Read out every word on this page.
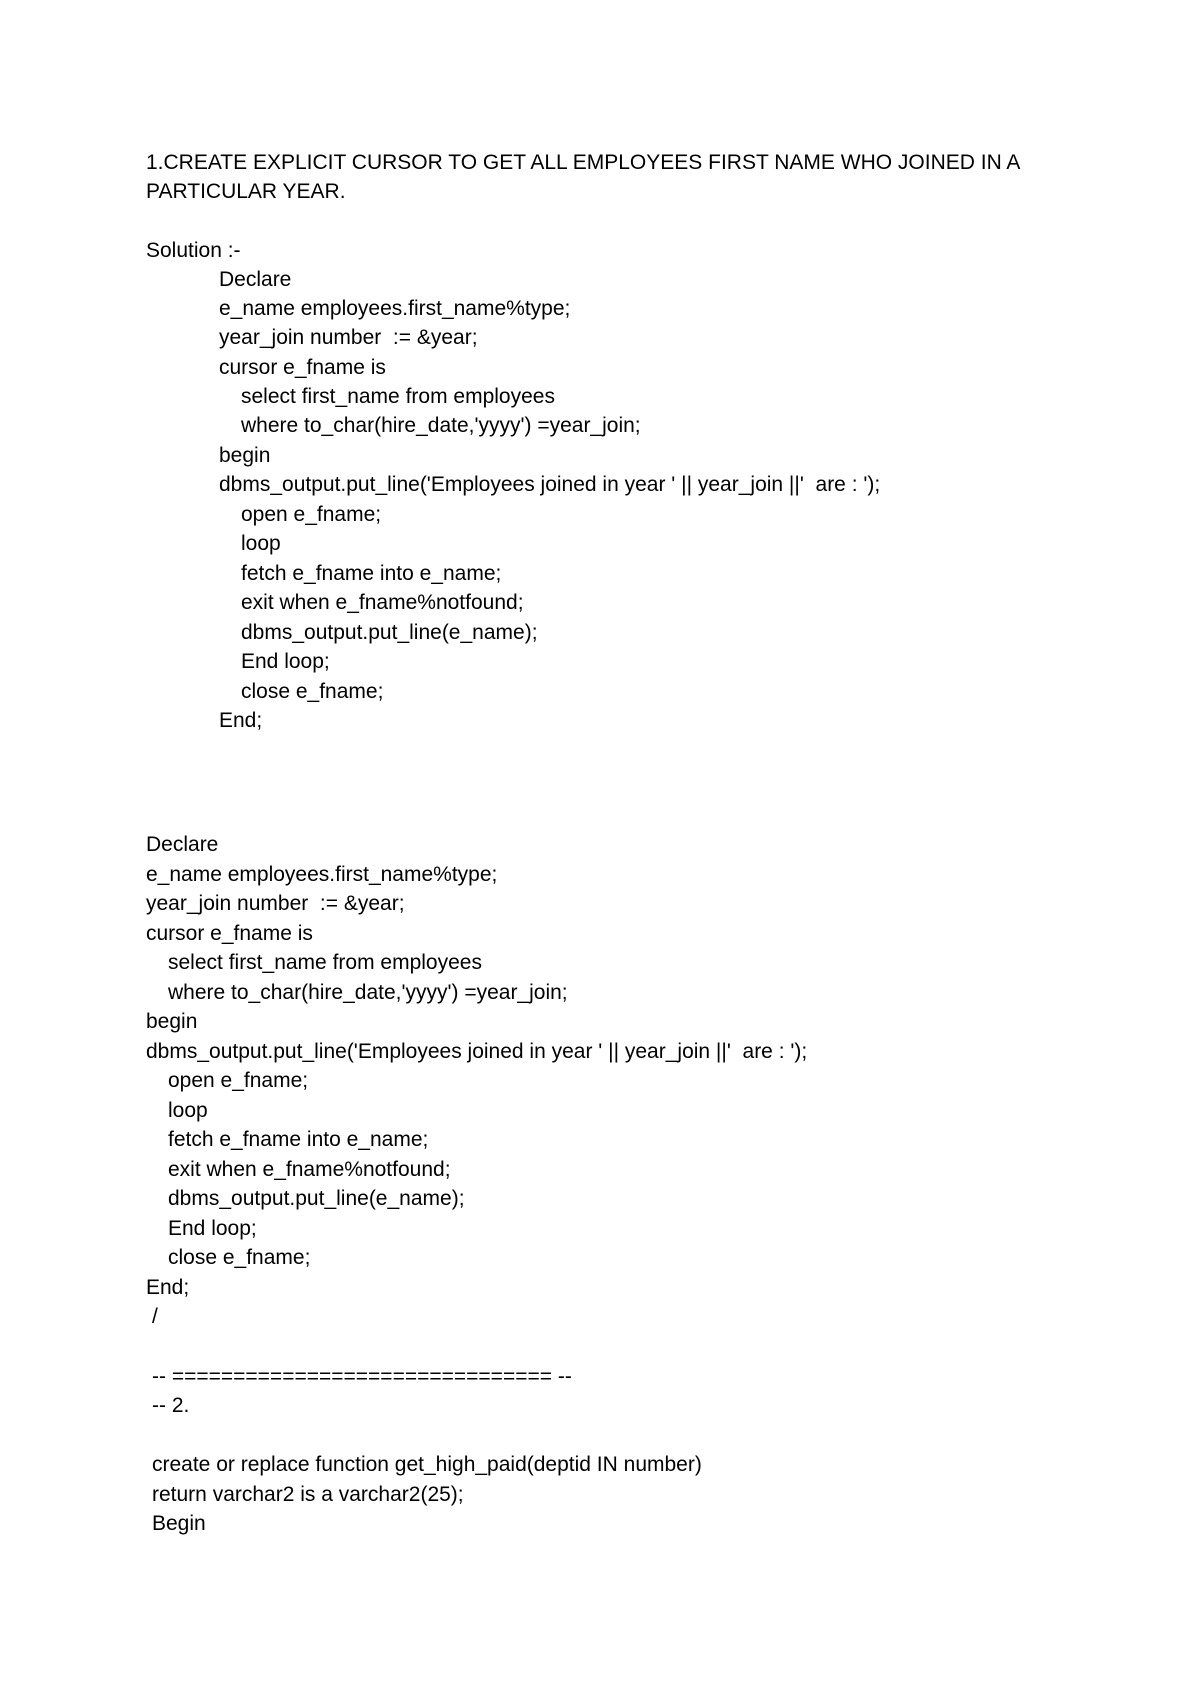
1.CREATE EXPLICIT CURSOR TO GET ALL EMPLOYEES FIRST NAME WHO JOINED IN A
PARTICULAR YEAR.
Solution :-
Declare
e_name employees.first_name%type;
year_join number  := &year;
cursor e_fname is
select first_name from employees
where to_char(hire_date,'yyyy') =year_join;
begin
dbms_output.put_line('Employees joined in year ' || year_join ||'  are : ');
open e_fname;
loop
fetch e_fname into e_name;
exit when e_fname%notfound;
dbms_output.put_line(e_name);
End loop;
close e_fname;
End;
Declare
e_name employees.first_name%type;
year_join number  := &year;
cursor e_fname is
select first_name from employees
where to_char(hire_date,'yyyy') =year_join;
begin
dbms_output.put_line('Employees joined in year ' || year_join ||'  are : ');
open e_fname;
loop
fetch e_fname into e_name;
exit when e_fname%notfound;
dbms_output.put_line(e_name);
End loop;
close e_fname;
End;
/
-- =============================== --
-- 2.
create or replace function get_high_paid(deptid IN number)
return varchar2 is a varchar2(25);
Begin
